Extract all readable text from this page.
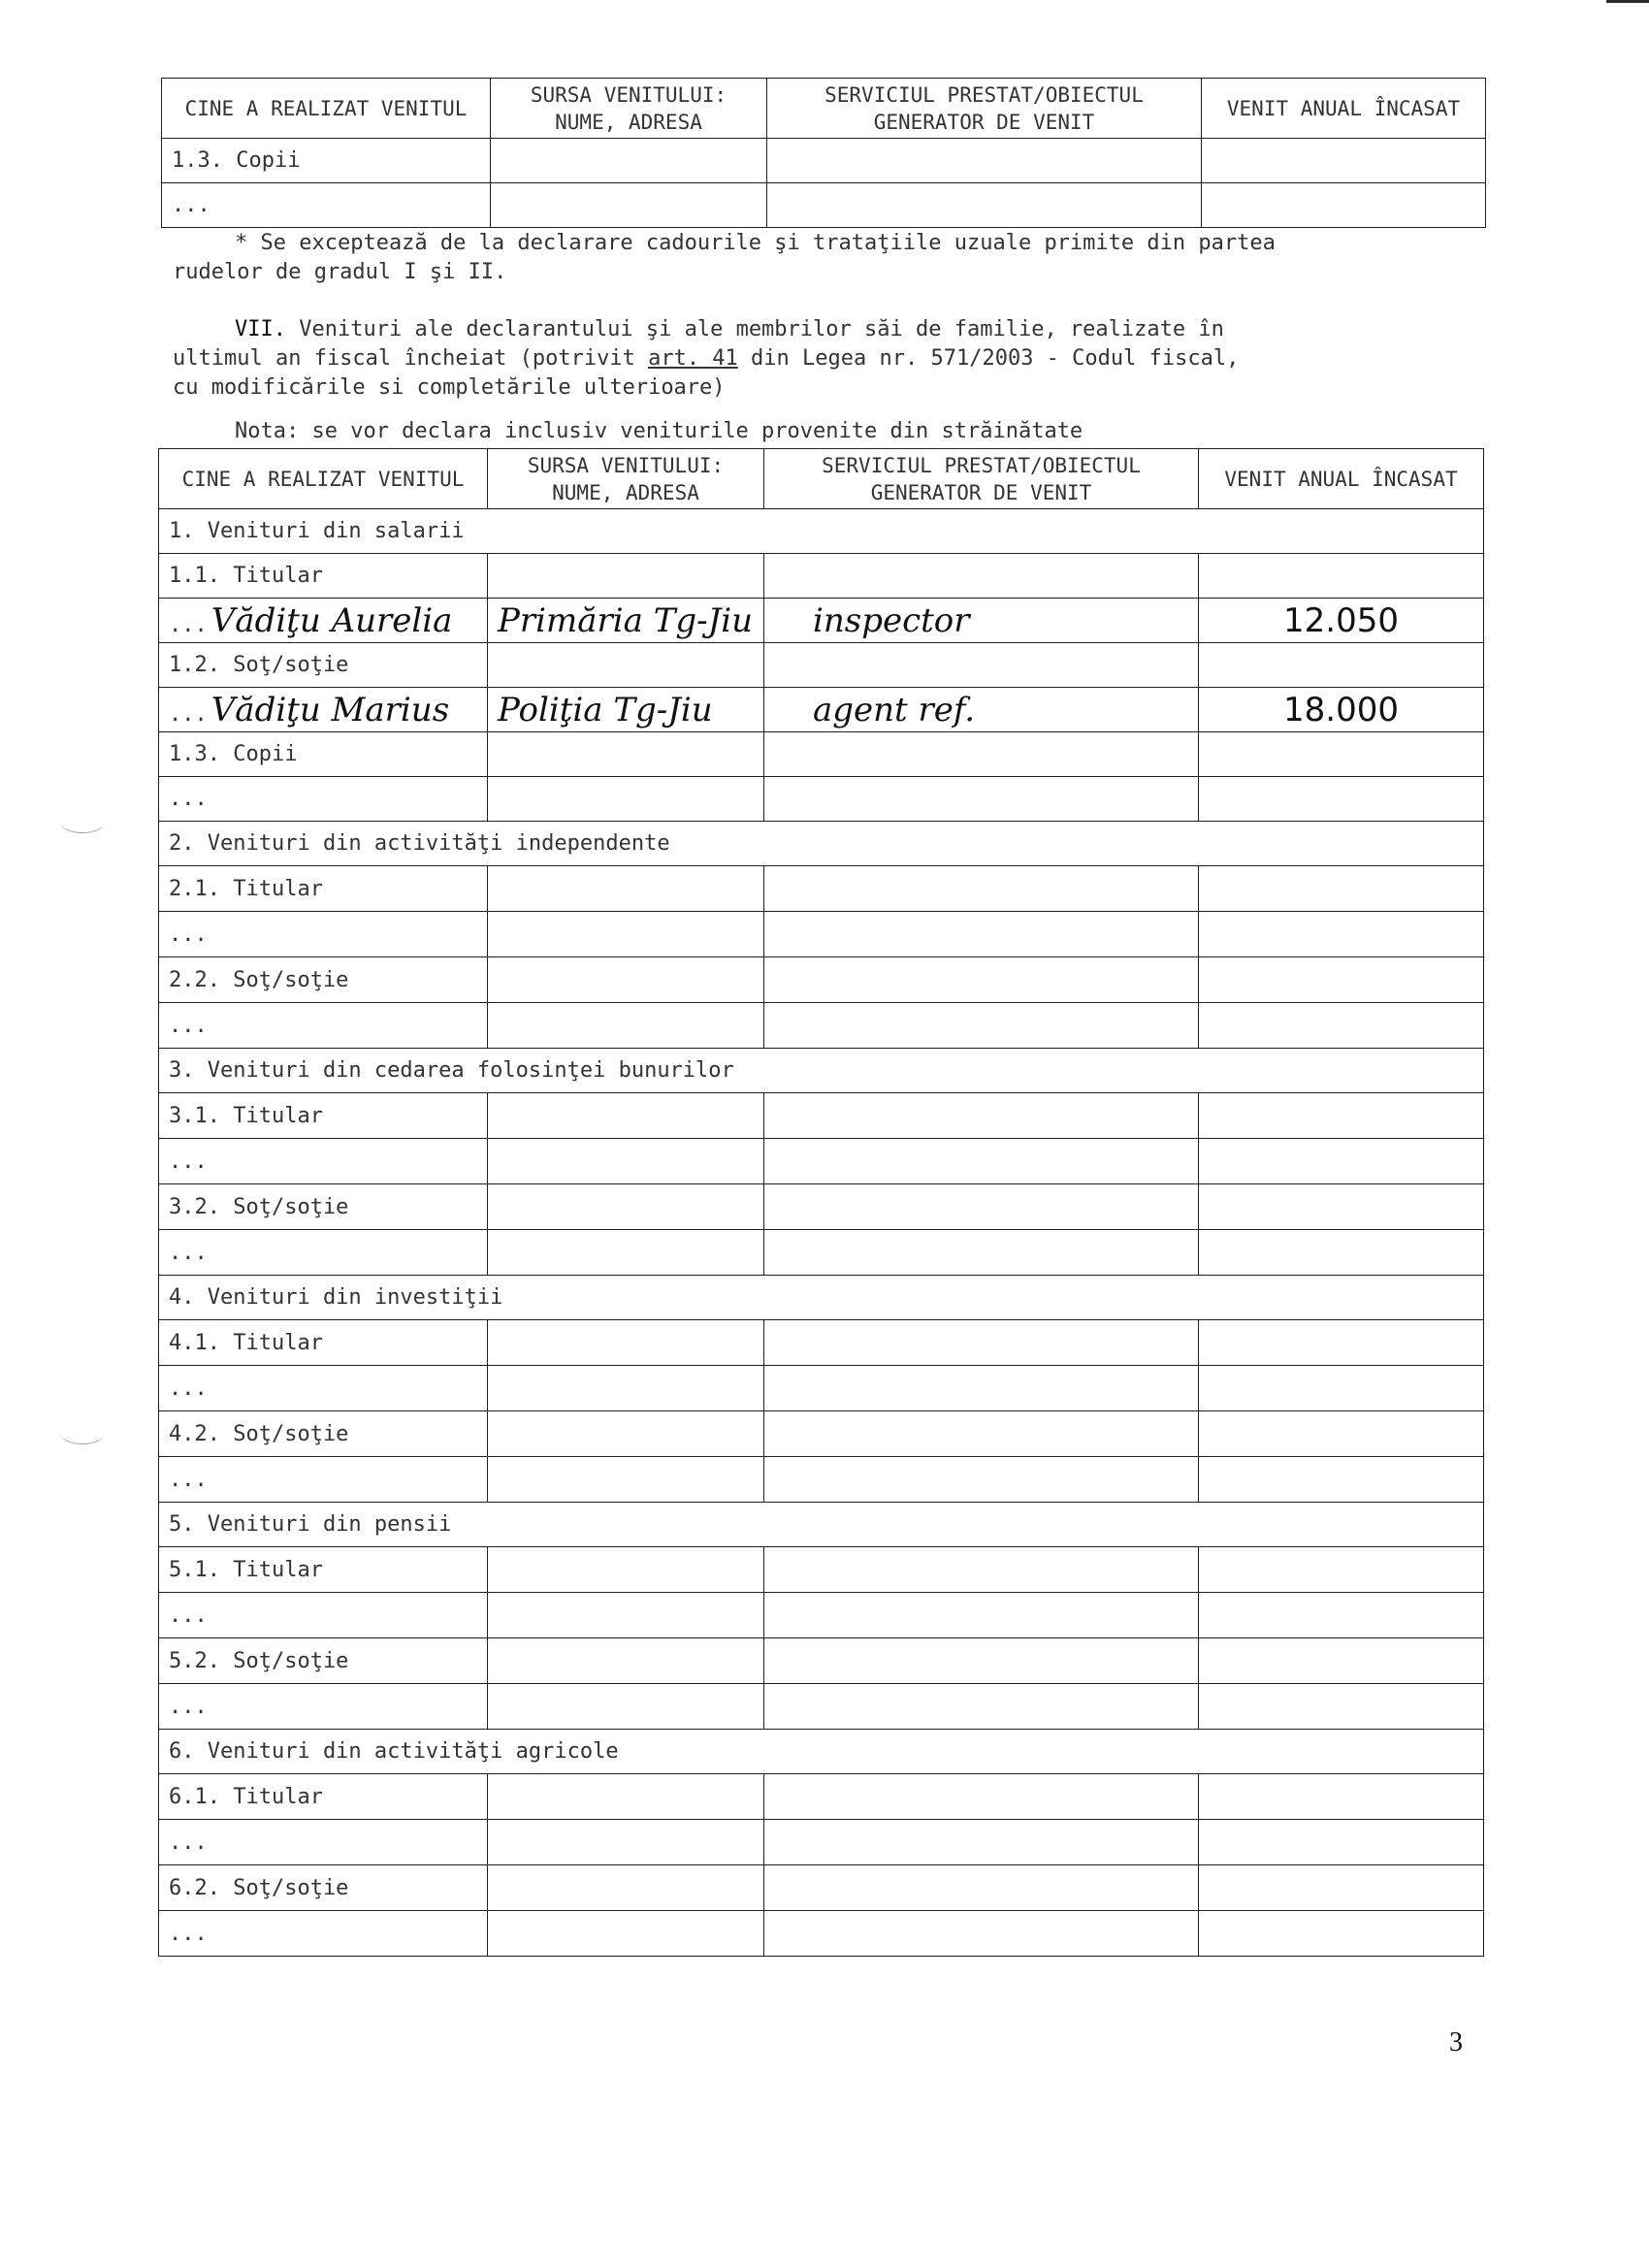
CINE A REALIZAT VENITUL	SURSA VENITULUI: NUME, ADRESA	SERVICIUL PRESTAT/OBIECTUL GENERATOR DE VENIT	VENIT ANUAL ÎNCASAT
1.3. Copii			
...			
* Se exceptează de la declarare cadourile şi trataţiile uzuale primite din partea
rudelor de gradul I şi II.
VII. Venituri ale declarantului şi ale membrilor săi de familie, realizate în
ultimul an fiscal încheiat (potrivit art. 41 din Legea nr. 571/2003 - Codul fiscal,
cu modificările si completările ulterioare)
Nota: se vor declara inclusiv veniturile provenite din străinătate
CINE A REALIZAT VENITUL	SURSA VENITULUI: NUME, ADRESA	SERVICIUL PRESTAT/OBIECTUL GENERATOR DE VENIT	VENIT ANUAL ÎNCASAT
1. Venituri din salarii			
1.1. Titular			
... Vădiţu Aurelia	Primăria Tg-Jiu	inspector	12.050
1.2. Soţ/soţie			
... Vădiţu Marius	Poliţia Tg-Jiu	agent ref.	18.000
1.3. Copii			
...			
2. Venituri din activităţi independente			
2.1. Titular			
...			
2.2. Soţ/soţie			
...			
3. Venituri din cedarea folosinţei bunurilor			
3.1. Titular			
...			
3.2. Soţ/soţie			
...			
4. Venituri din investiţii			
4.1. Titular			
...			
4.2. Soţ/soţie			
...			
5. Venituri din pensii			
5.1. Titular			
...			
5.2. Soţ/soţie			
...			
6. Venituri din activităţi agricole			
6.1. Titular			
...			
6.2. Soţ/soţie			
...			
3
